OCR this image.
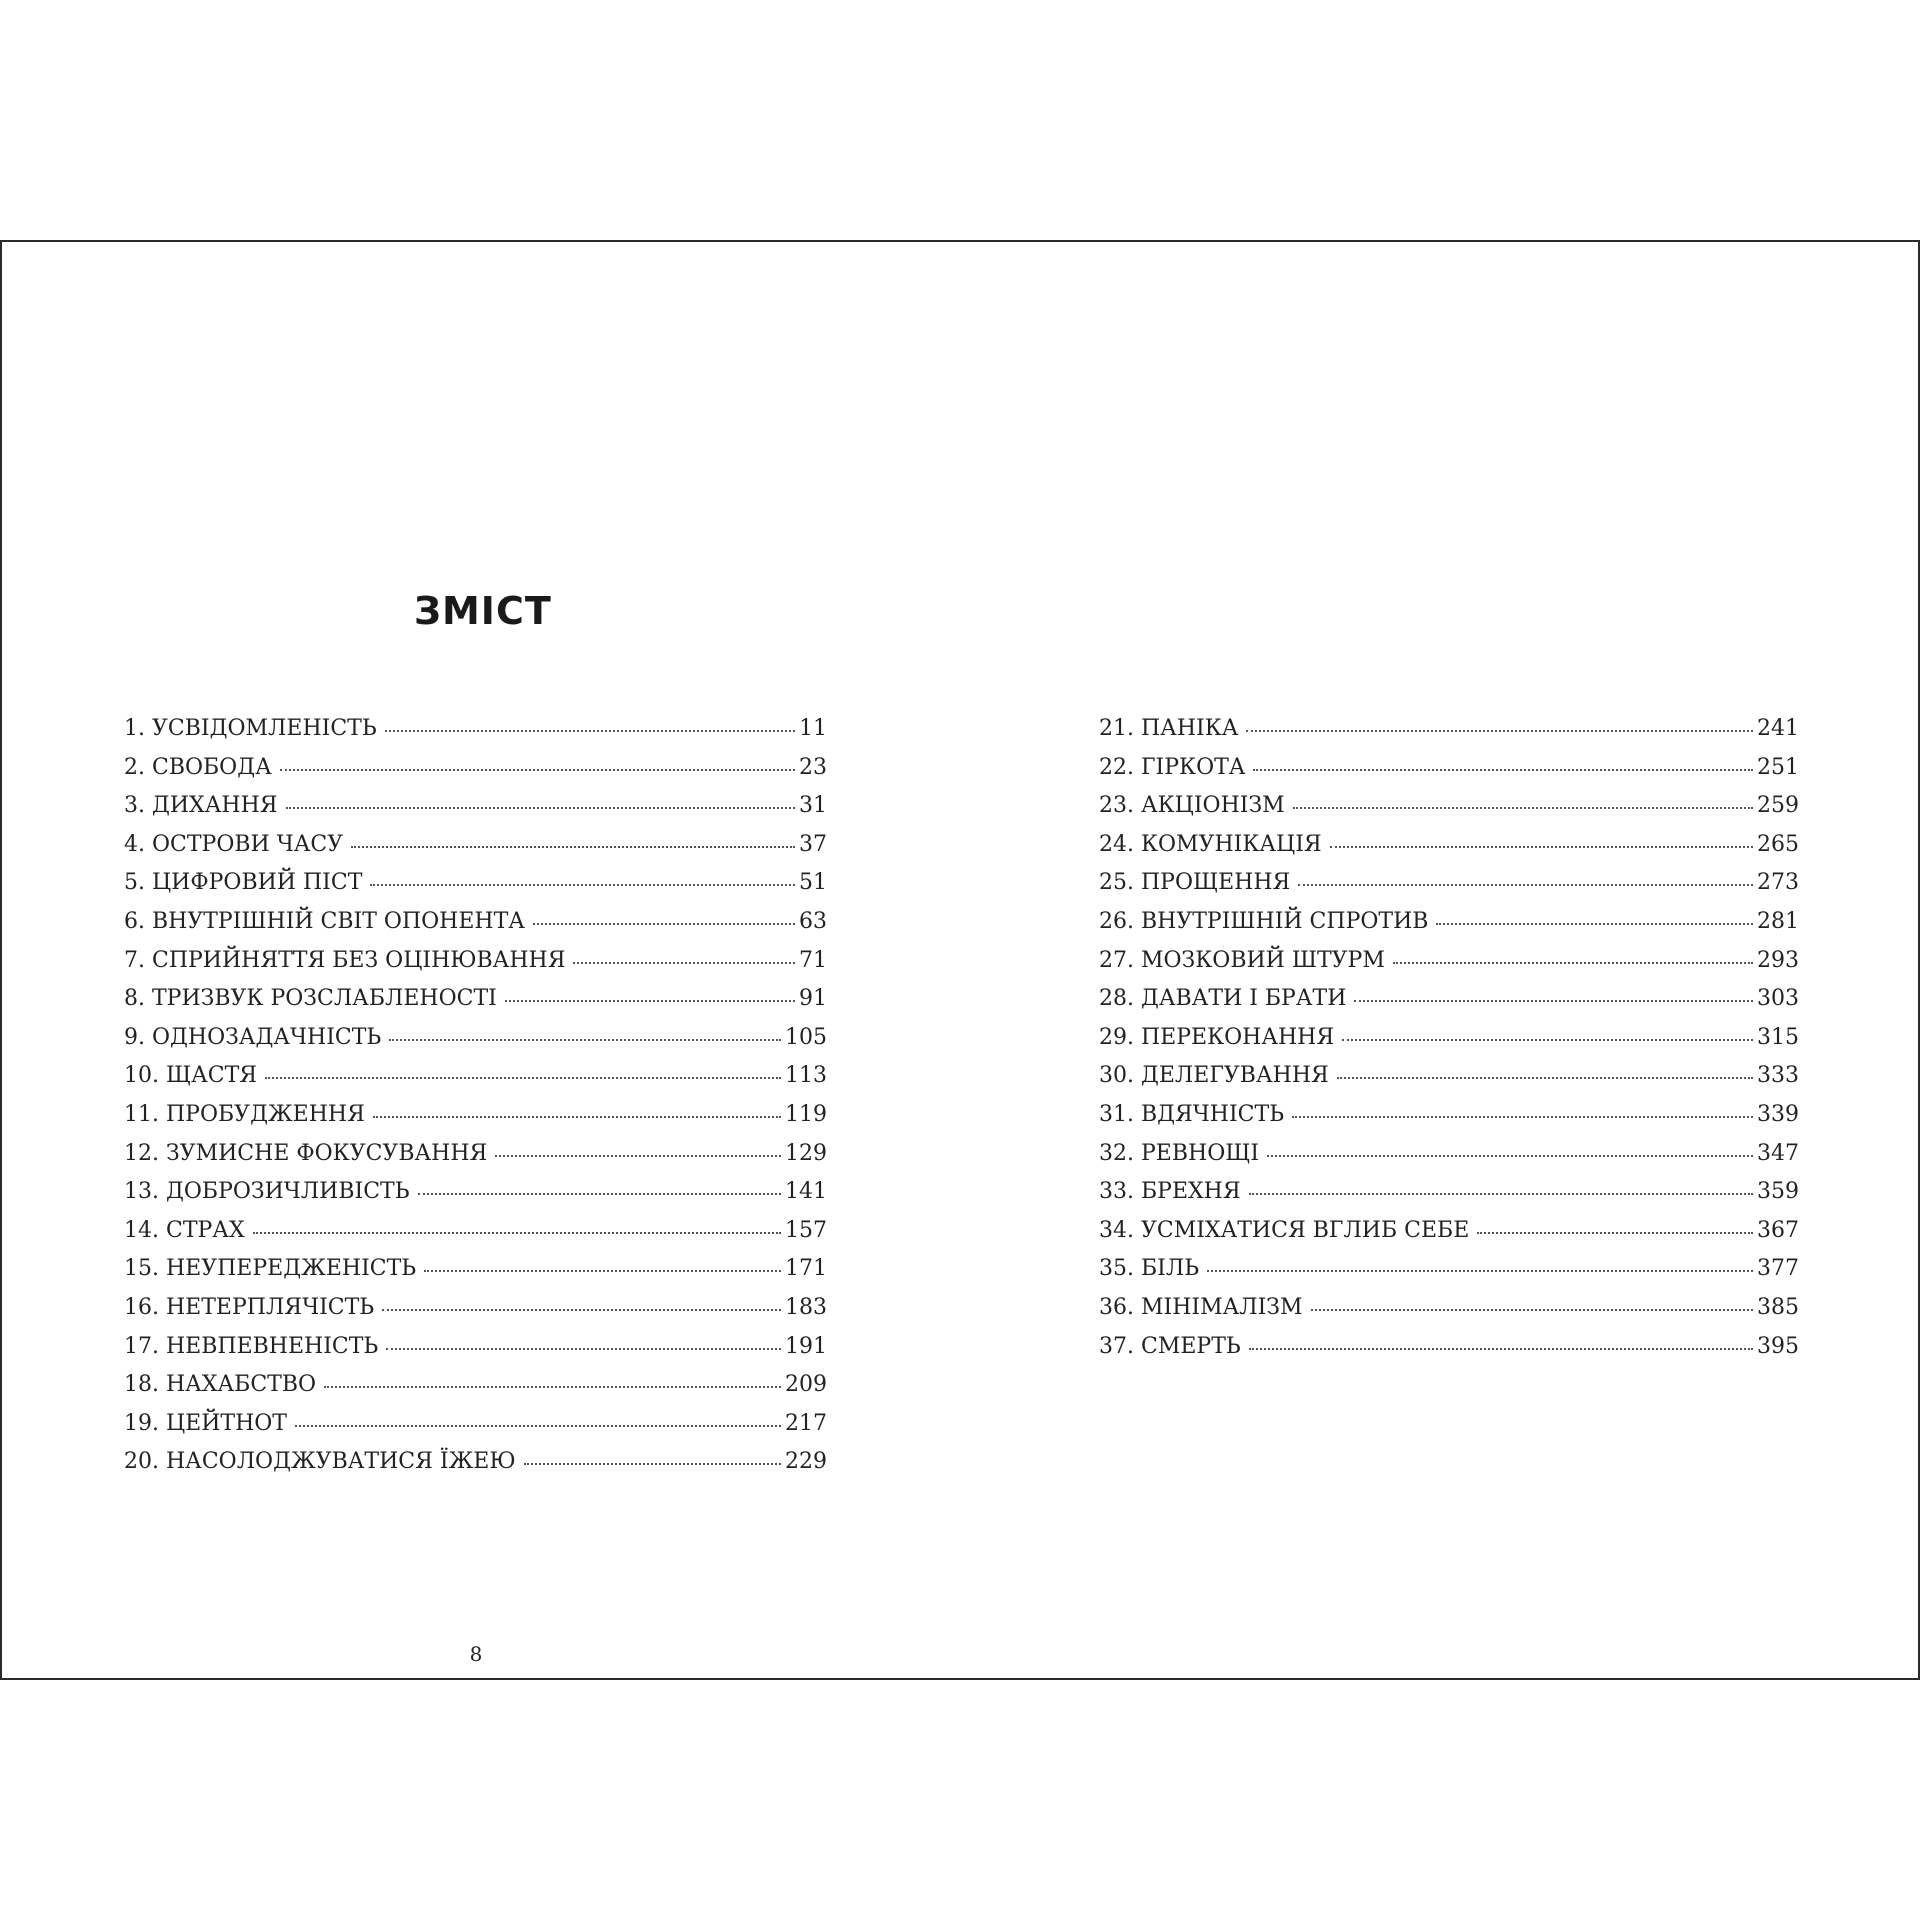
ЗМІСТ
1. УСВІДОМЛЕНІСТЬ	11
2. СВОБОДА	23
3. ДИХАННЯ	31
4. ОСТРОВИ ЧАСУ	37
5. ЦИФРОВИЙ ПІСТ	51
6. ВНУТРІШНІЙ СВІТ ОПОНЕНТА	63
7. СПРИЙНЯТТЯ БЕЗ ОЦІНЮВАННЯ	71
8. ТРИЗВУК РОЗСЛАБЛЕНОСТІ	91
9. ОДНОЗАДАЧНІСТЬ	105
10. ЩАСТЯ	113
11. ПРОБУДЖЕННЯ	119
12. ЗУМИСНЕ ФОКУСУВАННЯ	129
13. ДОБРОЗИЧЛИВІСТЬ	141
14. СТРАХ	157
15. НЕУПЕРЕДЖЕНІСТЬ	171
16. НЕТЕРПЛЯЧІСТЬ	183
17. НЕВПЕВНЕНІСТЬ	191
18. НАХАБСТВО	209
19. ЦЕЙТНОТ	217
20. НАСОЛОДЖУВАТИСЯ ЇЖЕЮ	229
21. ПАНІКА	241
22. ГІРКОТА	251
23. АКЦІОНІЗМ	259
24. КОМУНІКАЦІЯ	265
25. ПРОЩЕННЯ	273
26. ВНУТРІШНІЙ СПРОТИВ	281
27. МОЗКОВИЙ ШТУРМ	293
28. ДАВАТИ І БРАТИ	303
29. ПЕРЕКОНАННЯ	315
30. ДЕЛЕГУВАННЯ	333
31. ВДЯЧНІСТЬ	339
32. РЕВНОЩІ	347
33. БРЕХНЯ	359
34. УСМІХАТИСЯ ВГЛИБ СЕБЕ	367
35. БІЛЬ	377
36. МІНІМАЛІЗМ	385
37. СМЕРТЬ	395
8
